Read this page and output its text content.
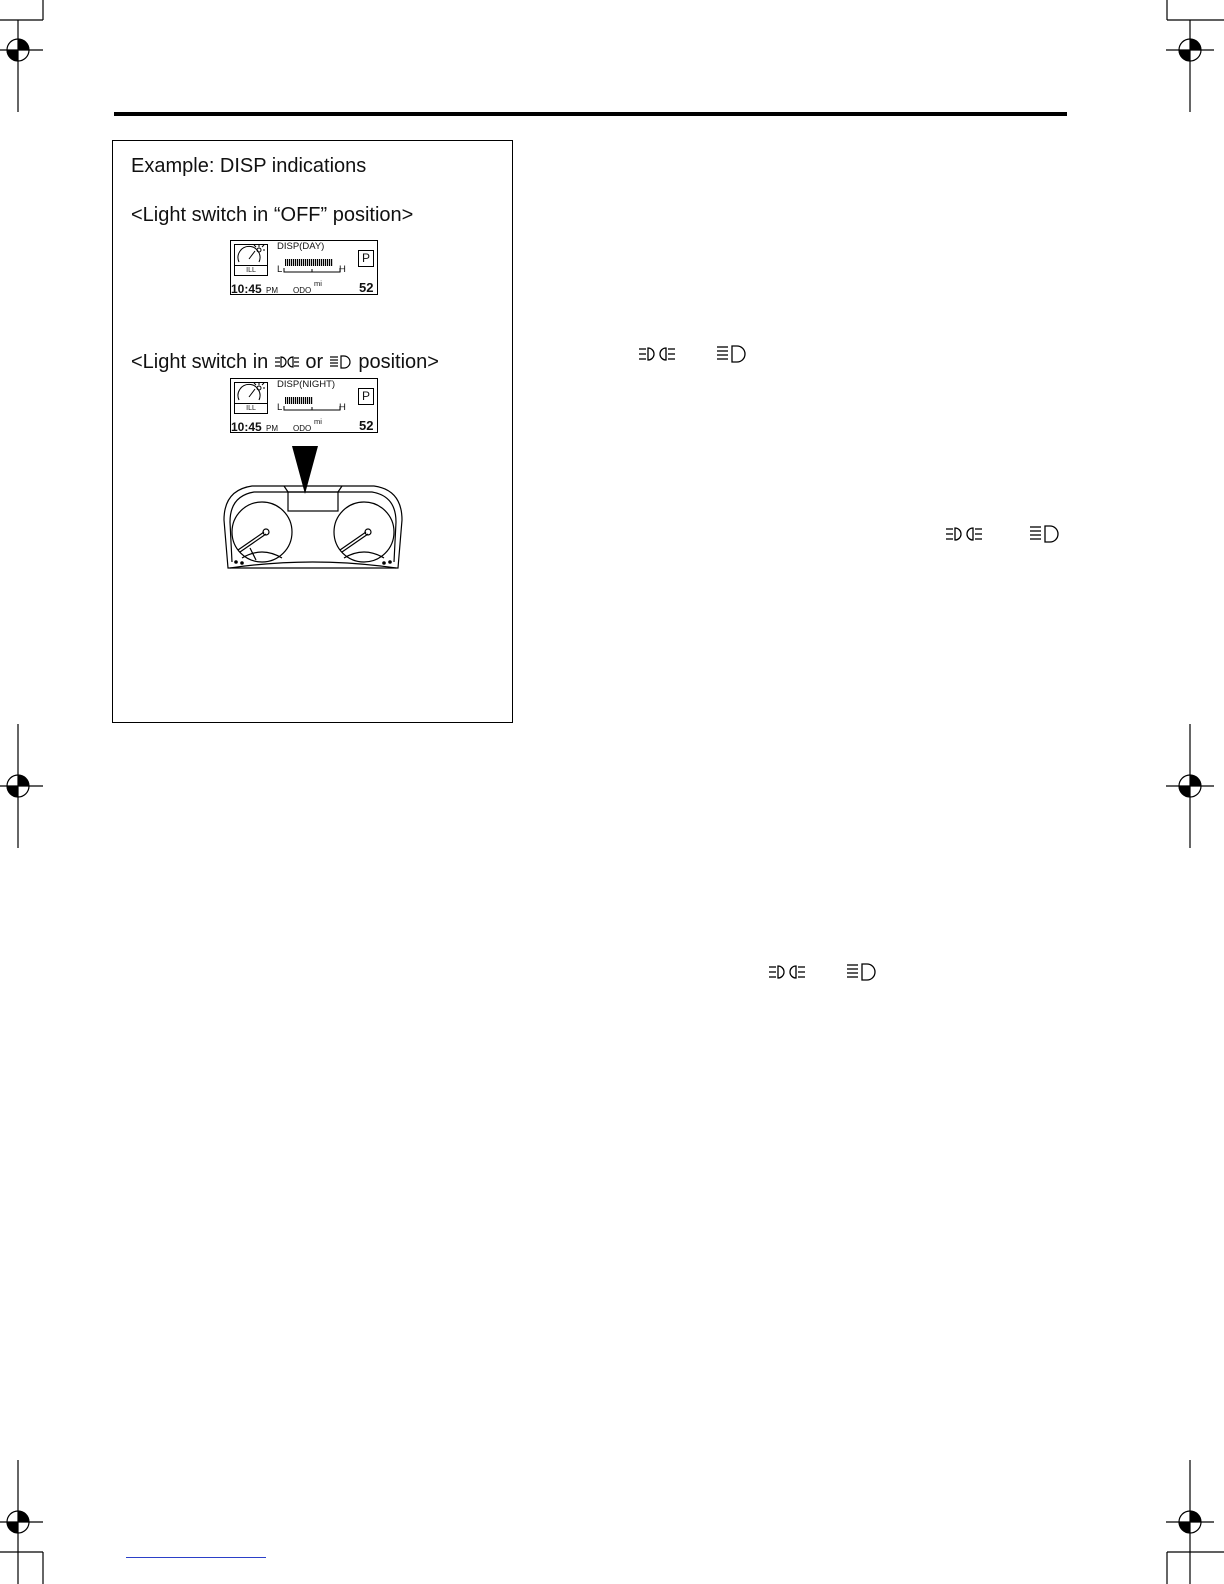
Example: DISP indications
<Light switch in “OFF” position>
<Light switch in or position>
ILL
DISP(DAY)
L	H
P
10:45 PM ODO
mi	52
ILL
DISP(NIGHT)
L	H
P
10:45 PM ODO
mi	52
